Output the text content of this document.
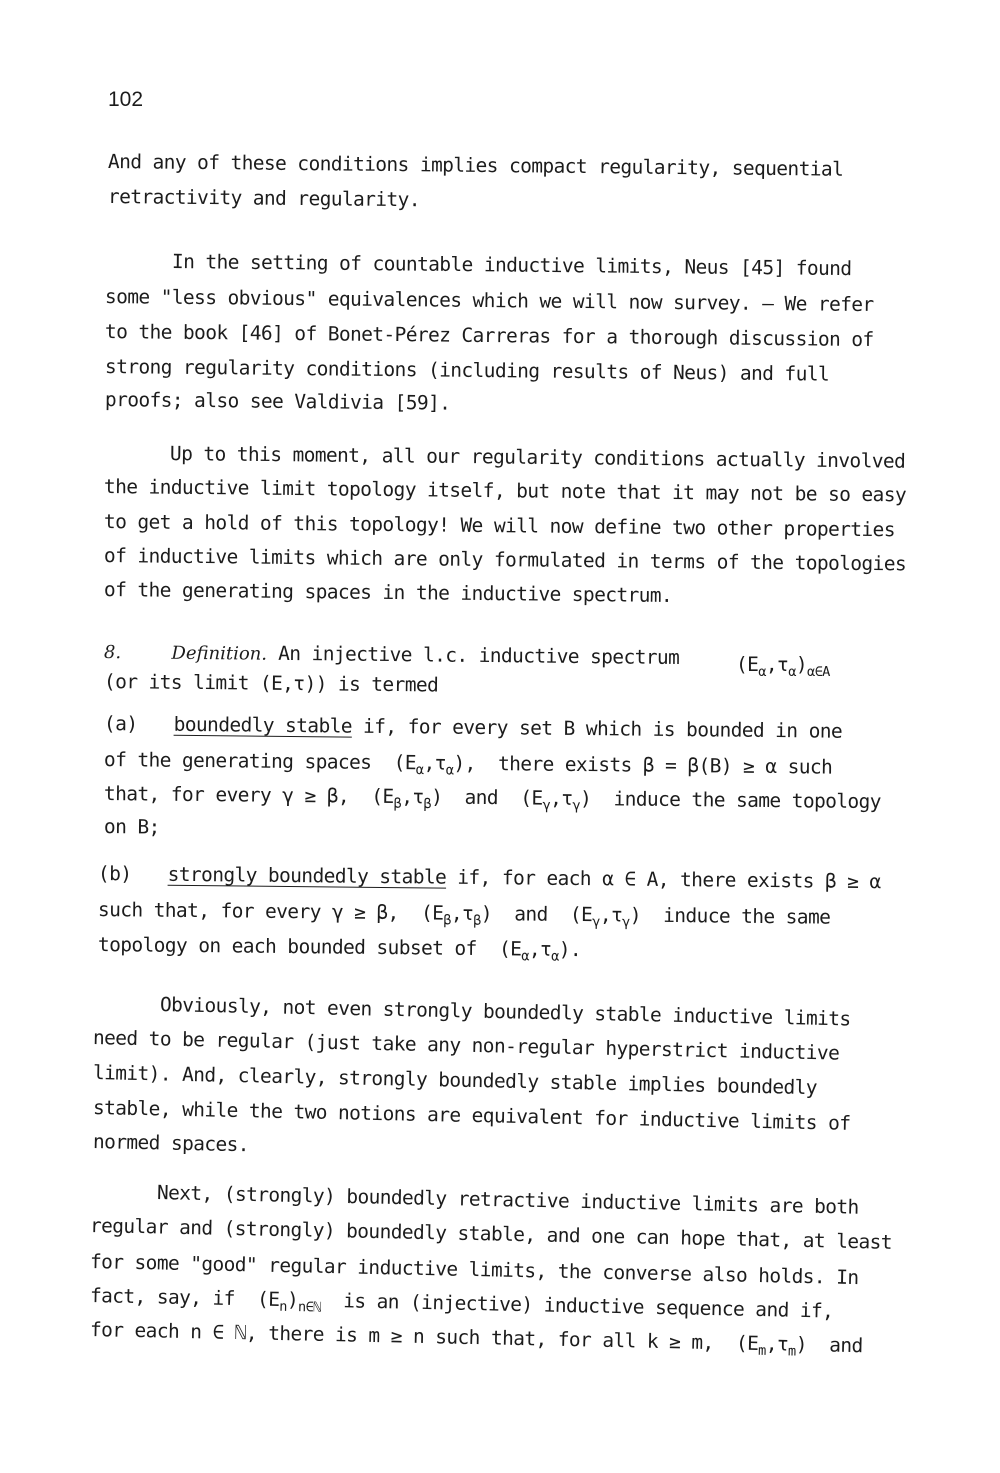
102
And any of these conditions implies compact regularity, sequential
retractivity and regularity.
In the setting of countable inductive limits, Neus [45] found
some "less obvious" equivalences which we will now survey. – We refer
to the book [46] of Bonet-Pérez Carreras for a thorough discussion of
strong regularity conditions (including results of Neus) and full
proofs; also see Valdivia [59].
Up to this moment, all our regularity conditions actually involved
the inductive limit topology itself, but note that it may not be so easy
to get a hold of this topology! We will now define two other properties
of inductive limits which are only formulated in terms of the topologies
of the generating spaces in the inductive spectrum.
8.	Definition. An injective l.c. inductive spectrum	$(E_\alpha,\tau_\alpha)_{\alpha\in A}$
(or its limit (E,τ)) is termed
(a) boundedly stable if, for every set B which is bounded in one
of the generating spaces  $(E_\alpha,\tau_\alpha)$,  there exists β = β(B) ≥ α such
that, for every γ ≥ β,  $(E_\beta,\tau_\beta)$  and  $(E_\gamma,\tau_\gamma)$  induce the same topology
on B;
(b) strongly boundedly stable if, for each α ∈ A, there exists β ≥ α
such that, for every γ ≥ β,  $(E_\beta,\tau_\beta)$  and  $(E_\gamma,\tau_\gamma)$  induce the same
topology on each bounded subset of  $(E_\alpha,\tau_\alpha)$.
Obviously, not even strongly boundedly stable inductive limits
need to be regular (just take any non-regular hyperstrict inductive
limit). And, clearly, strongly boundedly stable implies boundedly
stable, while the two notions are equivalent for inductive limits of
normed spaces.
Next, (strongly) boundedly retractive inductive limits are both
regular and (strongly) boundedly stable, and one can hope that, at least
for some "good" regular inductive limits, the converse also holds. In
fact, say, if  $(E_n)_{n\in ℕ}$ is an (injective) inductive sequence and if,
for each n ∈ ℕ, there is m ≥ n such that, for all k ≥ m,  $(E_m,\tau_m)$  and
